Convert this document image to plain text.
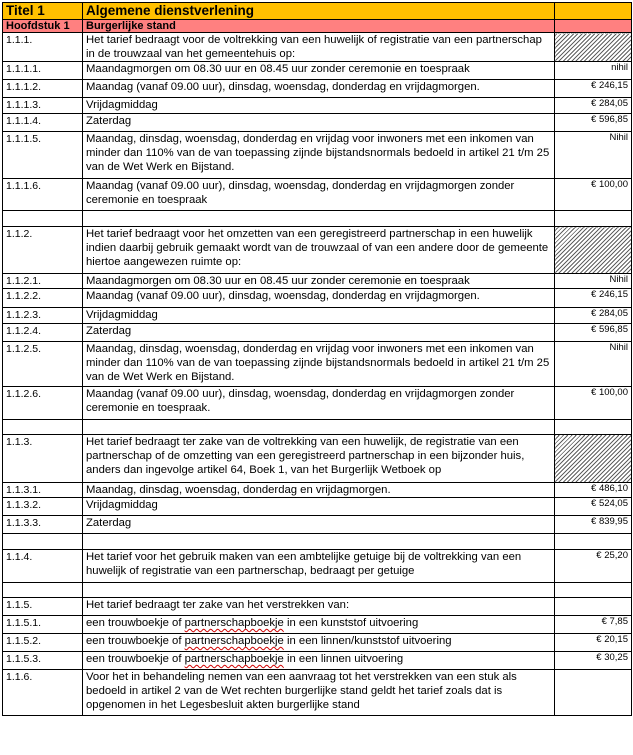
Titel 1	Algemene dienstverlening	
Hoofdstuk 1	Burgerlijke stand	
1.1.1.	Het tarief bedraagt voor de voltrekking van een huwelijk of registratie van een partnerschap in de trouwzaal van het gemeentehuis op:	
1.1.1.1.	Maandagmorgen om 08.30 uur en 08.45 uur zonder ceremonie en toespraak	nihil
1.1.1.2.	Maandag (vanaf 09.00 uur), dinsdag, woensdag, donderdag en vrijdagmorgen.	€ 246,15
1.1.1.3.	Vrijdagmiddag	€ 284,05
1.1.1.4.	Zaterdag	€ 596,85
1.1.1.5.	Maandag, dinsdag, woensdag, donderdag en vrijdag voor inwoners met een inkomen van minder dan 110% van de van toepassing zijnde bijstandsnormals bedoeld in artikel 21 t/m 25 van de Wet Werk en Bijstand.	Nihil
1.1.1.6.	Maandag (vanaf 09.00 uur), dinsdag, woensdag, donderdag en vrijdagmorgen zonder ceremonie en toespraak	€ 100,00

1.1.2.	Het tarief bedraagt voor het omzetten van een geregistreerd partnerschap in een huwelijk indien daarbij gebruik gemaakt wordt van de trouwzaal of van een andere door de gemeente hiertoe aangewezen ruimte op:	
1.1.2.1.	Maandagmorgen om 08.30 uur en 08.45 uur zonder ceremonie en toespraak	Nihil
1.1.2.2.	Maandag (vanaf 09.00 uur), dinsdag, woensdag, donderdag en vrijdagmorgen.	€ 246,15
1.1.2.3.	Vrijdagmiddag	€ 284,05
1.1.2.4.	Zaterdag	€ 596,85
1.1.2.5.	Maandag, dinsdag, woensdag, donderdag en vrijdag voor inwoners met een inkomen van minder dan 110% van de van toepassing zijnde bijstandsnormals bedoeld in artikel 21 t/m 25 van de Wet Werk en Bijstand.	Nihil
1.1.2.6.	Maandag (vanaf 09.00 uur), dinsdag, woensdag, donderdag en vrijdagmorgen zonder ceremonie en toespraak.	€ 100,00

1.1.3.	Het tarief bedraagt ter zake van de voltrekking van een huwelijk, de registratie van een partnerschap of de omzetting van een geregistreerd partnerschap in een bijzonder huis, anders dan ingevolge artikel 64, Boek 1, van het Burgerlijk Wetboek op	
1.1.3.1.	Maandag, dinsdag, woensdag, donderdag en vrijdagmorgen.	€ 486,10
1.1.3.2.	Vrijdagmiddag	€ 524,05
1.1.3.3.	Zaterdag	€ 839,95

1.1.4.	Het tarief voor het gebruik maken van een ambtelijke getuige bij de voltrekking van een huwelijk of registratie van een partnerschap, bedraagt per getuige	€ 25,20

1.1.5.	Het tarief bedraagt ter zake van het verstrekken van:	
1.1.5.1.	een trouwboekje of partnerschapboekje in een kunststof uitvoering	€ 7,85
1.1.5.2.	een trouwboekje of partnerschapboekje in een linnen/kunststof uitvoering	€ 20,15
1.1.5.3.	een trouwboekje of partnerschapboekje in een linnen uitvoering	€ 30,25
1.1.6.	Voor het in behandeling nemen van een aanvraag tot het verstrekken van een stuk als bedoeld in artikel 2 van de Wet rechten burgerlijke stand geldt het tarief zoals dat is opgenomen in het Legesbesluit akten burgerlijke stand	
